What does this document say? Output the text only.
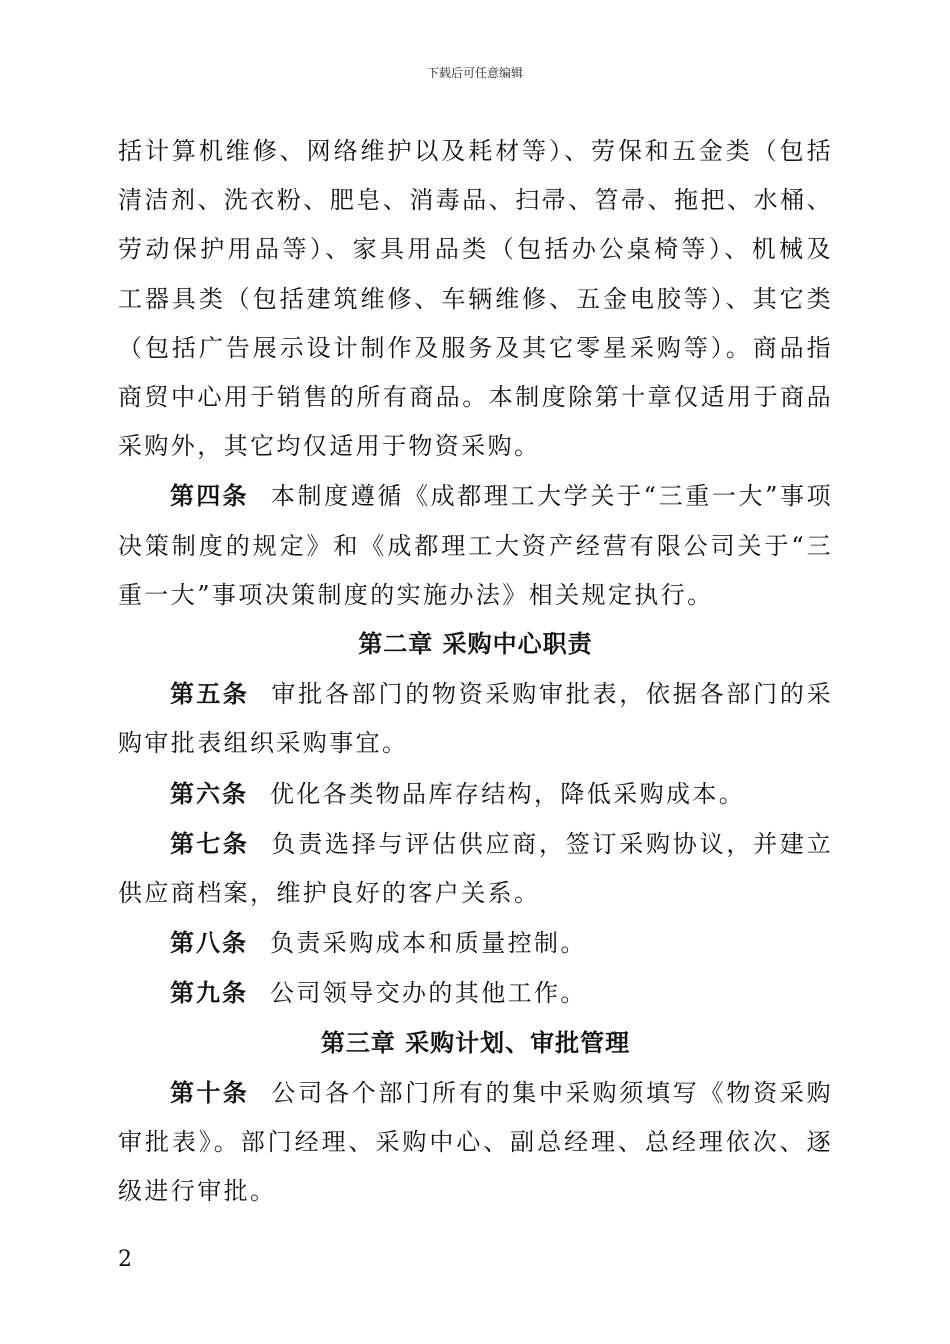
下载后可任意编辑

括计算机维修、网络维护以及耗材等）、劳保和五金类（包括清洁剂、洗衣粉、肥皂、消毒品、扫帚、笤帚、拖把、水桶、劳动保护用品等）、家具用品类（包括办公桌椅等）、机械及工器具类（包括建筑维修、车辆维修、五金电胶等）、其它类（包括广告展示设计制作及服务及其它零星采购等）。商品指商贸中心用于销售的所有商品。本制度除第十章仅适用于商品采购外，其它均仅适用于物资采购。

第四条 本制度遵循《成都理工大学关于“三重一大”事项决策制度的规定》和《成都理工大资产经营有限公司关于“三重一大”事项决策制度的实施办法》相关规定执行。

第二章 采购中心职责

第五条 审批各部门的物资采购审批表，依据各部门的采购审批表组织采购事宜。

第六条 优化各类物品库存结构，降低采购成本。

第七条 负责选择与评估供应商，签订采购协议，并建立供应商档案，维护良好的客户关系。

第八条 负责采购成本和质量控制。

第九条 公司领导交办的其他工作。

第三章 采购计划、审批管理

第十条 公司各个部门所有的集中采购须填写《物资采购审批表》。部门经理、采购中心、副总经理、总经理依次、逐级进行审批。

2
